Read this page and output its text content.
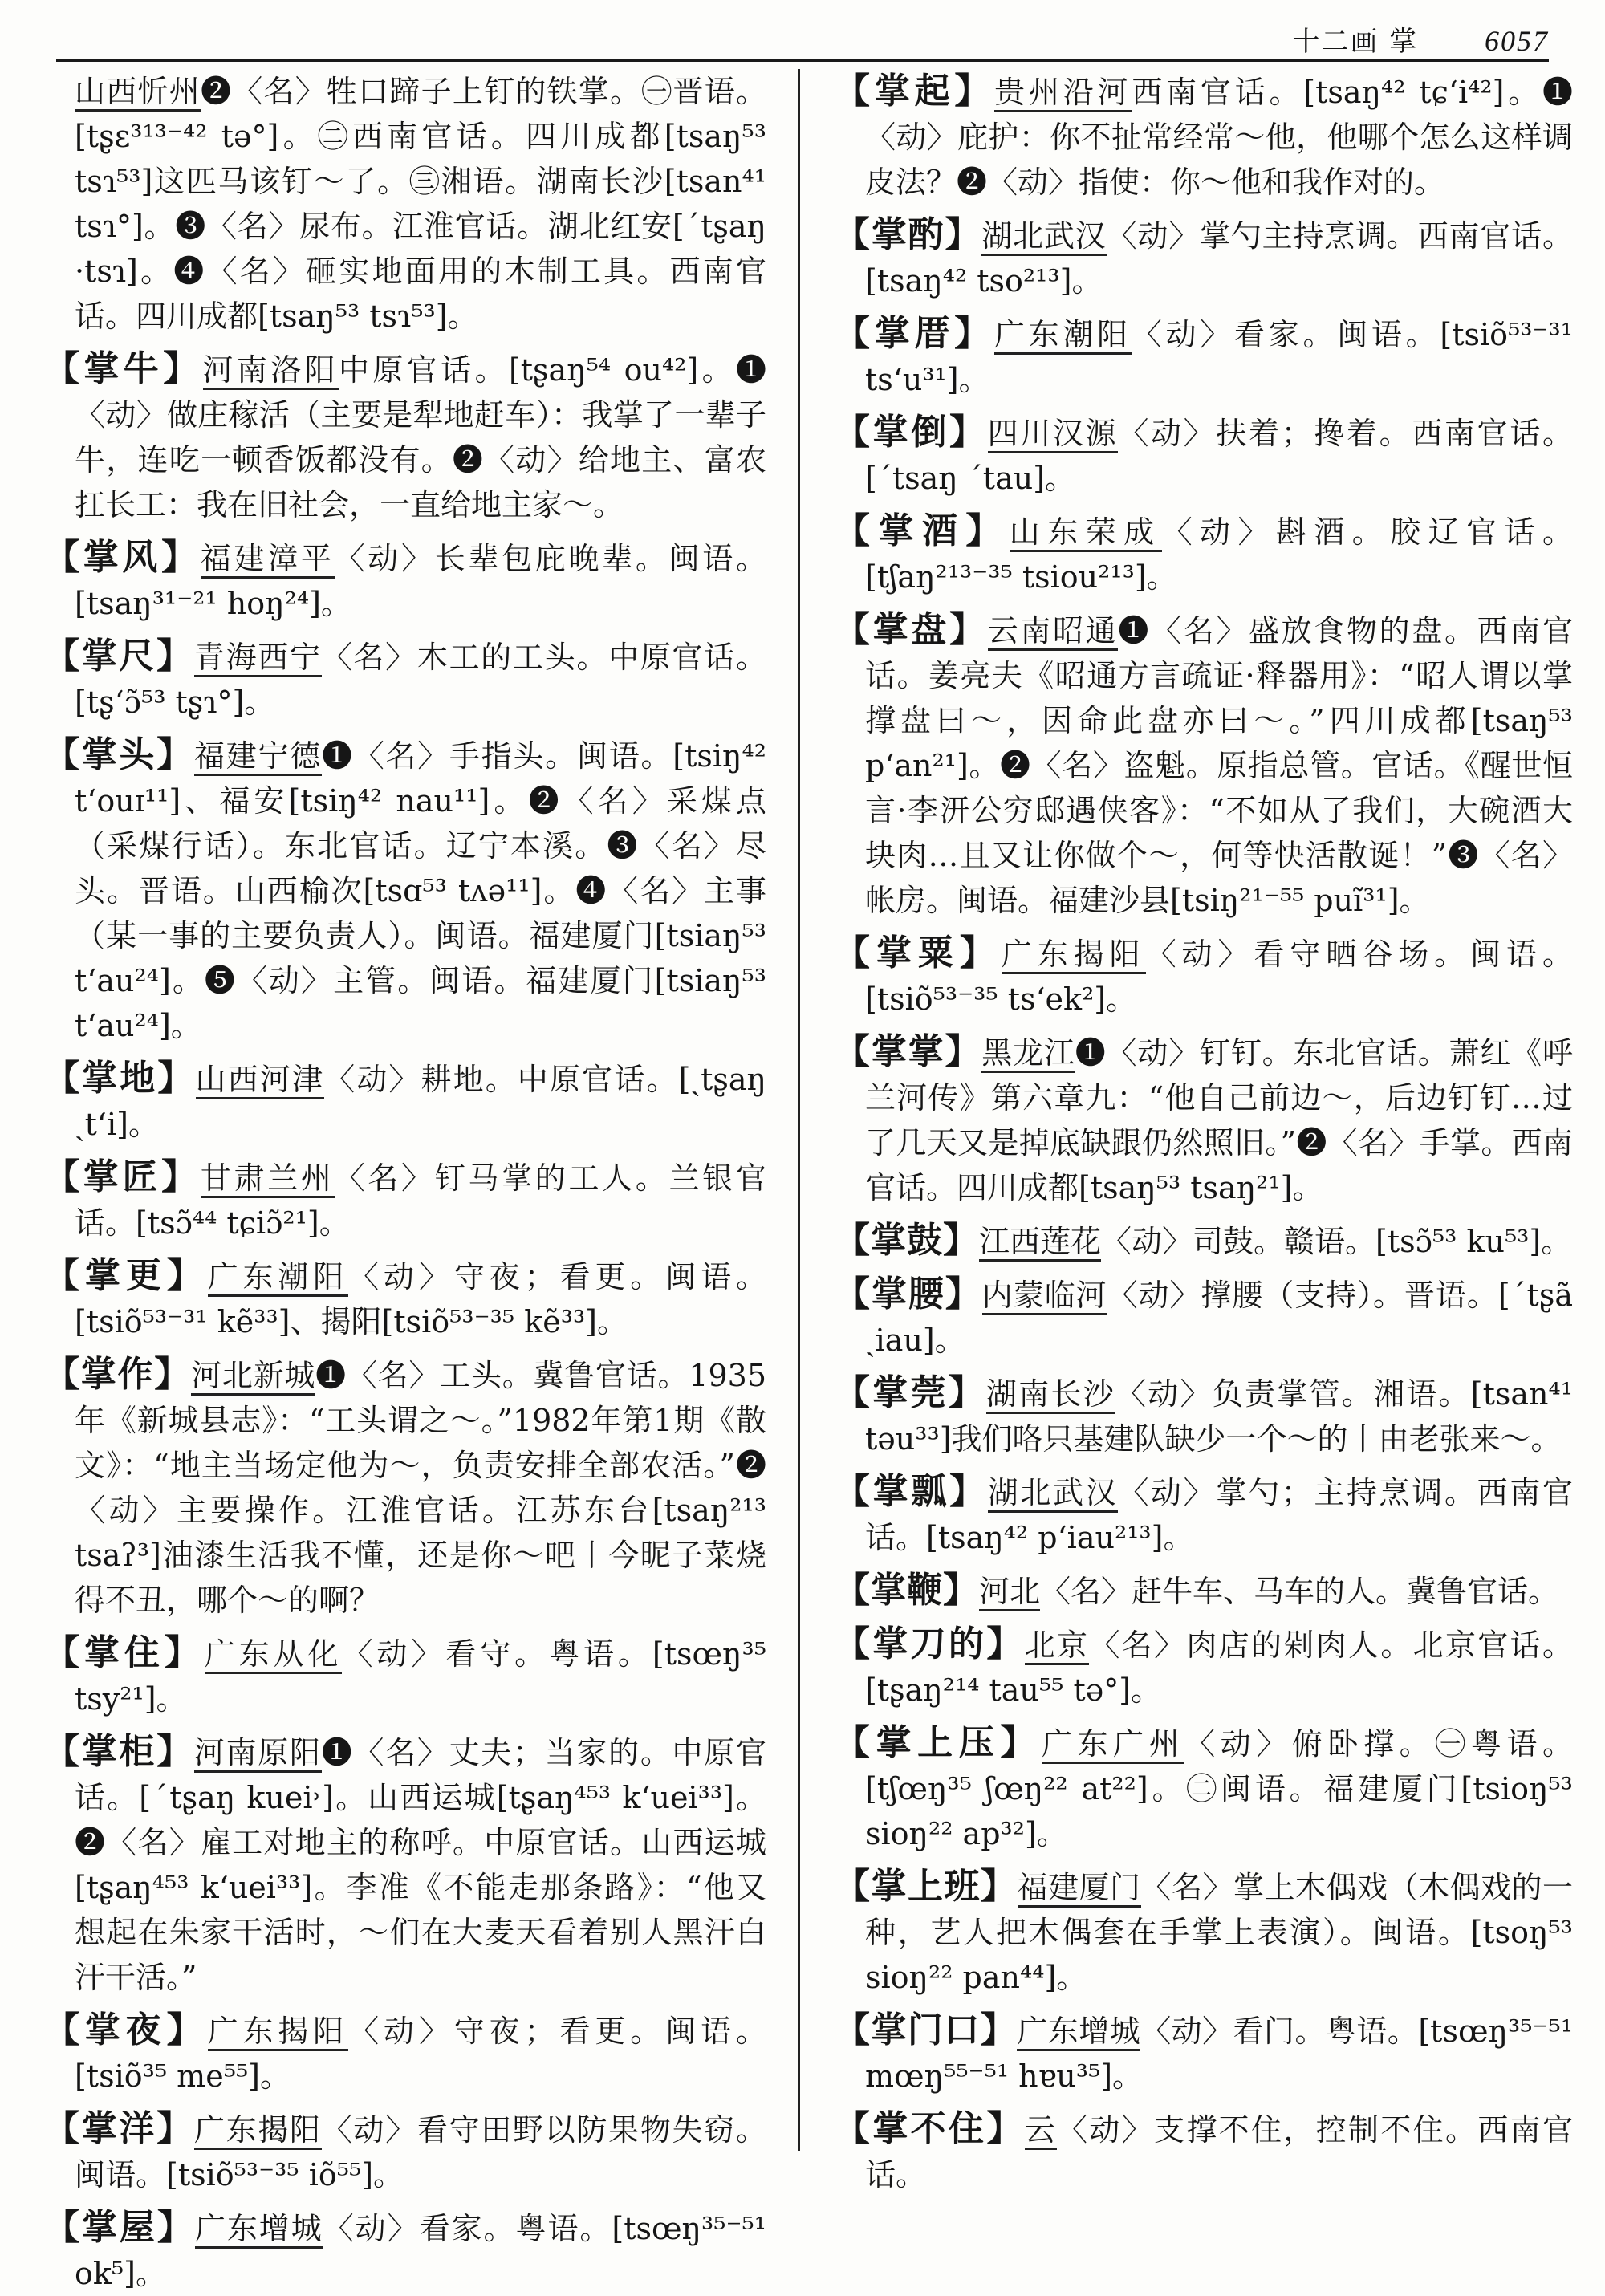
十二画 掌 6057

山西忻州❷〈名〉牲口蹄子上钉的铁掌。㊀晋语。[tʂɛ³¹³⁻⁴² tə°]。㊁西南官话。四川成都[tsaŋ⁵³ tsɿ⁵³]这匹马该钉～了。㊂湘语。湖南长沙[tsan⁴¹ tsɿ°]。❸〈名〉尿布。江淮官话。湖北红安[ˊtʂaŋ ·tsɿ]。❹〈名〉砸实地面用的木制工具。西南官话。四川成都[tsaŋ⁵³ tsɿ⁵³]。

【掌牛】河南洛阳中原官话。[tʂaŋ⁵⁴ ou⁴²]。❶〈动〉做庄稼活（主要是犁地赶车）：我掌了一辈子牛，连吃一顿香饭都没有。❷〈动〉给地主、富农扛长工：我在旧社会，一直给地主家～。

【掌风】福建漳平〈动〉长辈包庇晚辈。闽语。[tsaŋ³¹⁻²¹ hoŋ²⁴]。

【掌尺】青海西宁〈名〉木工的工头。中原官话。[tʂʻɔ̃⁵³ tʂɿ°]。

【掌头】福建宁德❶〈名〉手指头。闽语。[tsiŋ⁴² tʻouɪ¹¹]、福安[tsiŋ⁴² nau¹¹]。❷〈名〉采煤点（采煤行话）。东北官话。辽宁本溪。❸〈名〉尽头。晋语。山西榆次[tsɑ⁵³ tʌə¹¹]。❹〈名〉主事（某一事的主要负责人）。闽语。福建厦门[tsiaŋ⁵³ tʻau²⁴]。❺〈动〉主管。闽语。福建厦门[tsiaŋ⁵³ tʻau²⁴]。

【掌地】山西河津〈动〉耕地。中原官话。[ˏtʂaŋ ˏtʻi]。

【掌匠】甘肃兰州〈名〉钉马掌的工人。兰银官话。[tsɔ̃⁴⁴ tɕiɔ̃²¹]。

【掌更】广东潮阳〈动〉守夜；看更。闽语。[tsiõ⁵³⁻³¹ kẽ³³]、揭阳[tsiõ⁵³⁻³⁵ kẽ³³]。

【掌作】河北新城❶〈名〉工头。冀鲁官话。1935年《新城县志》：“工头谓之～。”1982年第1期《散文》：“地主当场定他为～，负责安排全部农活。”❷〈动〉主要操作。江淮官话。江苏东台[tsaŋ²¹³ tsaʔ³]油漆生活我不懂，还是你～吧丨今昵子菜烧得不丑，哪个～的啊？

【掌住】广东从化〈动〉看守。粤语。[tsœŋ³⁵ tsy²¹]。

【掌柜】河南原阳❶〈名〉丈夫；当家的。中原官话。[ˊtʂaŋ kuei˒]。山西运城[tʂaŋ⁴⁵³ kʻuei³³]。❷〈名〉雇工对地主的称呼。中原官话。山西运城[tʂaŋ⁴⁵³ kʻuei³³]。李准《不能走那条路》：“他又想起在朱家干活时，～们在大麦天看着别人黑汗白汗干活。”

【掌夜】广东揭阳〈动〉守夜；看更。闽语。[tsiõ³⁵ me⁵⁵]。

【掌洋】广东揭阳〈动〉看守田野以防果物失窃。闽语。[tsiõ⁵³⁻³⁵ iõ⁵⁵]。

【掌屋】广东增城〈动〉看家。粤语。[tsœŋ³⁵⁻⁵¹ ok⁵]。

【掌起】贵州沿河西南官话。[tsaŋ⁴² tɕʻi⁴²]。❶〈动〉庇护：你不扯常经常～他，他哪个怎么这样调皮法？❷〈动〉指使：你～他和我作对的。

【掌酌】湖北武汉〈动〉掌勺主持烹调。西南官话。[tsaŋ⁴² tso²¹³]。

【掌厝】广东潮阳〈动〉看家。闽语。[tsiõ⁵³⁻³¹ tsʻu³¹]。

【掌倒】四川汉源〈动〉扶着；搀着。西南官话。[ˊtsaŋ ˊtau]。

【掌酒】山东荣成〈动〉斟酒。胶辽官话。[tʃaŋ²¹³⁻³⁵ tsiou²¹³]。

【掌盘】云南昭通❶〈名〉盛放食物的盘。西南官话。姜亮夫《昭通方言疏证·释器用》：“昭人谓以掌撑盘曰～，因命此盘亦曰～。”四川成都[tsaŋ⁵³ pʻan²¹]。❷〈名〉盗魁。原指总管。官话。《醒世恒言·李汧公穷邸遇侠客》：“不如从了我们，大碗酒大块肉…且又让你做个～，何等快活散诞！”❸〈名〉帐房。闽语。福建沙县[tsiŋ²¹⁻⁵⁵ puĩ³¹]。

【掌粟】广东揭阳〈动〉看守晒谷场。闽语。[tsiõ⁵³⁻³⁵ tsʻek²]。

【掌掌】黑龙江❶〈动〉钉钉。东北官话。萧红《呼兰河传》第六章九：“他自己前边～，后边钉钉…过了几天又是掉底缺跟仍然照旧。”❷〈名〉手掌。西南官话。四川成都[tsaŋ⁵³ tsaŋ²¹]。

【掌鼓】江西莲花〈动〉司鼓。赣语。[tsɔ̃⁵³ ku⁵³]。

【掌腰】内蒙临河〈动〉撑腰（支持）。晋语。[ˊtʂã ˏiau]。

【掌莞】湖南长沙〈动〉负责掌管。湘语。[tsan⁴¹ təu³³]我们咯只基建队缺少一个～的丨由老张来～。

【掌瓢】湖北武汉〈动〉掌勺；主持烹调。西南官话。[tsaŋ⁴² pʻiau²¹³]。

【掌鞭】河北〈名〉赶牛车、马车的人。冀鲁官话。

【掌刀的】北京〈名〉肉店的剁肉人。北京官话。[tʂaŋ²¹⁴ tau⁵⁵ tə°]。

【掌上压】广东广州〈动〉俯卧撑。㊀粤语。[tʃœŋ³⁵ ʃœŋ²² at²²]。㊁闽语。福建厦门[tsioŋ⁵³ sioŋ²² ap³²]。

【掌上班】福建厦门〈名〉掌上木偶戏（木偶戏的一种，艺人把木偶套在手掌上表演）。闽语。[tsoŋ⁵³ sioŋ²² pan⁴⁴]。

【掌门口】广东增城〈动〉看门。粤语。[tsœŋ³⁵⁻⁵¹ mœŋ⁵⁵⁻⁵¹ hɐu³⁵]。

【掌不住】云〈动〉支撑不住，控制不住。西南官话。
